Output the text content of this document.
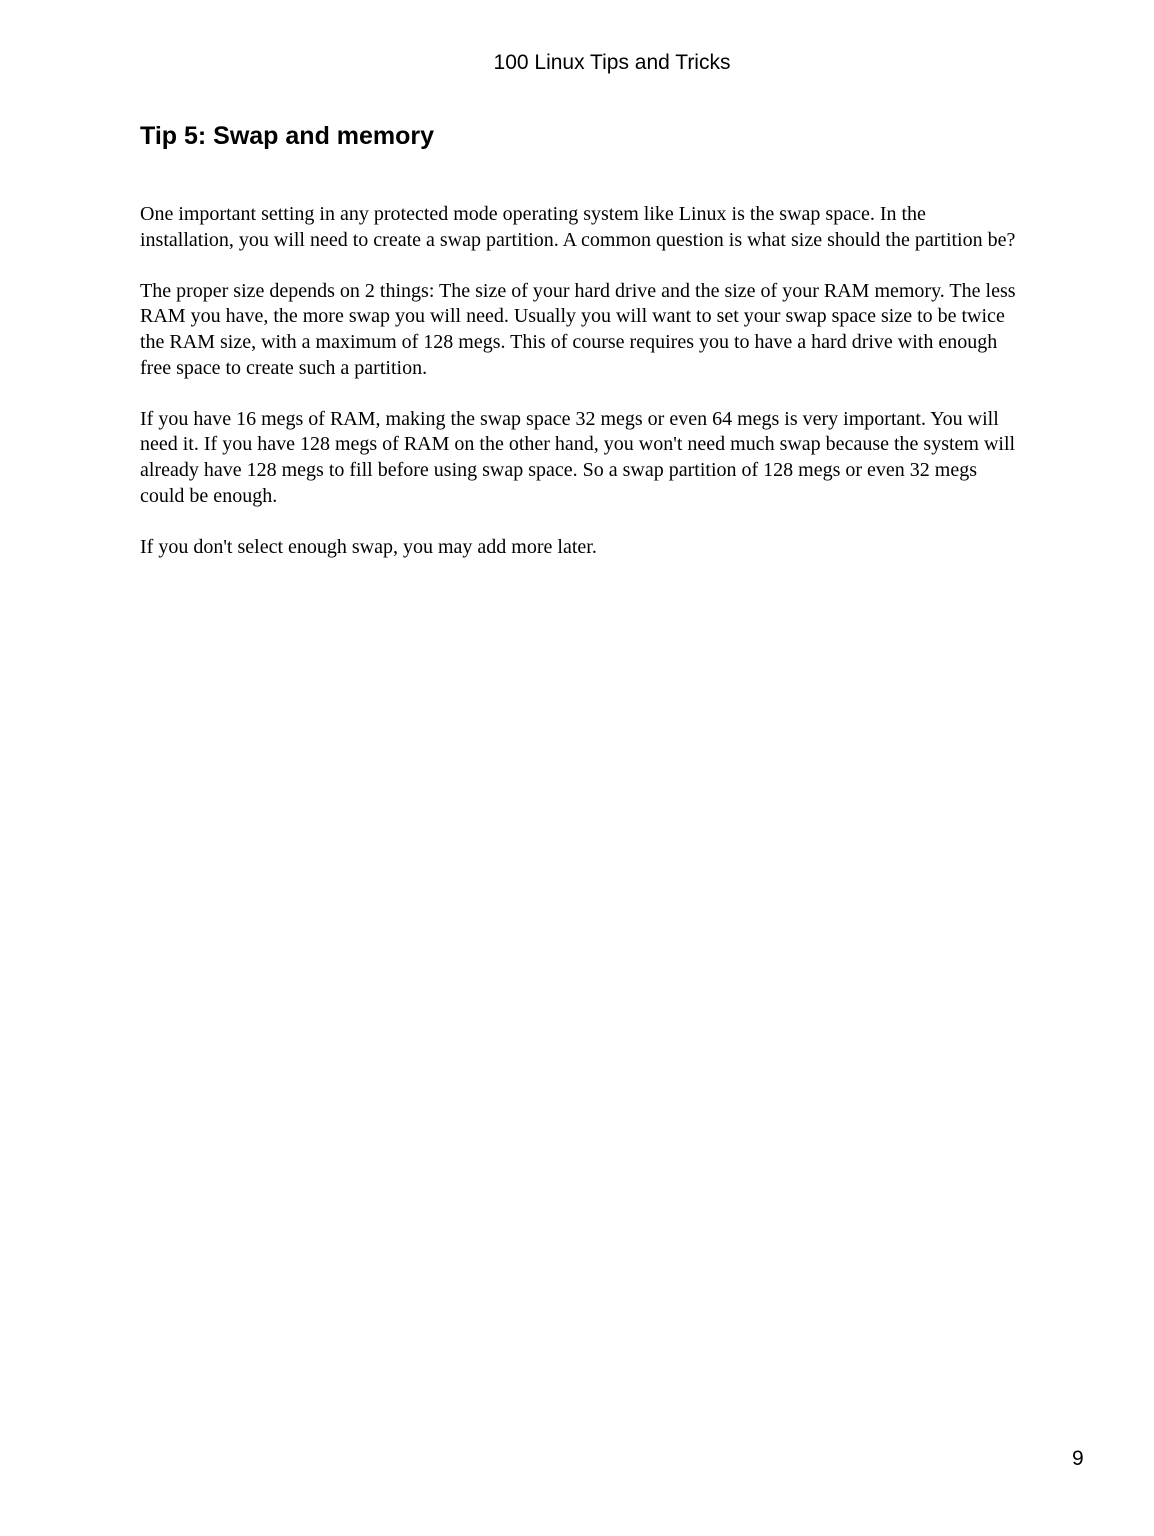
100 Linux Tips and Tricks
Tip 5: Swap and memory

One important setting in any protected mode operating system like Linux is the swap space. In the
installation, you will need to create a swap partition. A common question is what size should the partition be?

The proper size depends on 2 things: The size of your hard drive and the size of your RAM memory. The less
RAM you have, the more swap you will need. Usually you will want to set your swap space size to be twice
the RAM size, with a maximum of 128 megs. This of course requires you to have a hard drive with enough
free space to create such a partition.

If you have 16 megs of RAM, making the swap space 32 megs or even 64 megs is very important. You will
need it. If you have 128 megs of RAM on the other hand, you won't need much swap because the system will
already have 128 megs to fill before using swap space. So a swap partition of 128 megs or even 32 megs
could be enough.

If you don't select enough swap, you may add more later.

9
